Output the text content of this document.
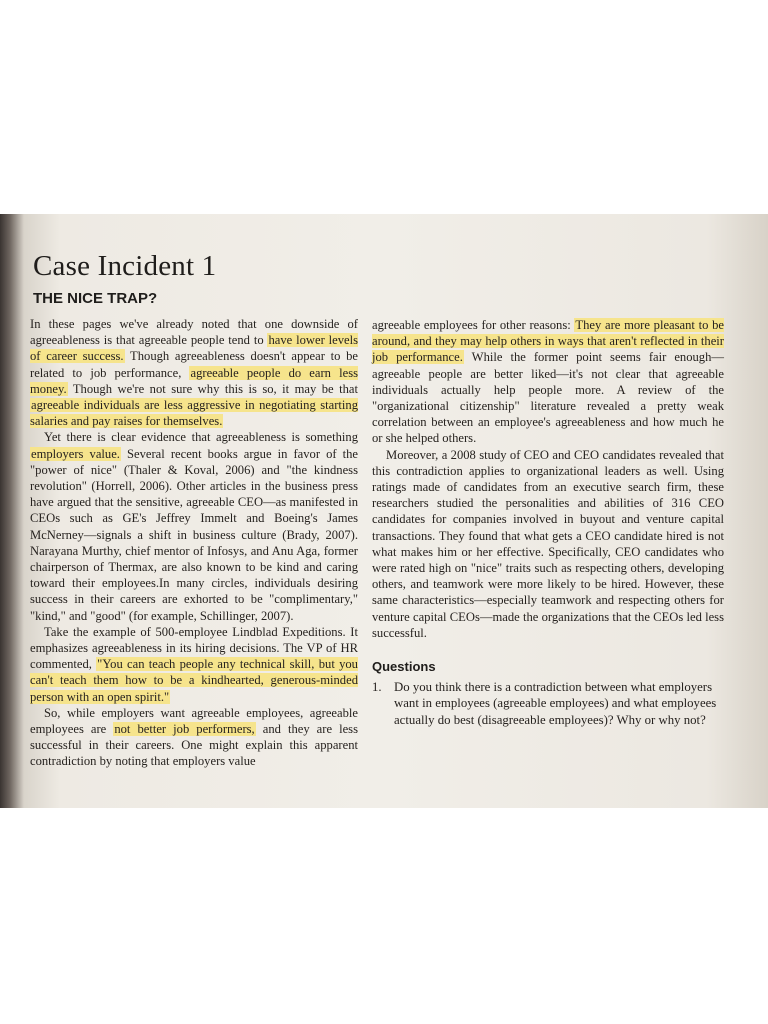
Case Incident 1
THE NICE TRAP?

In these pages we've already noted that one downside of agreeableness is that agreeable people tend to have lower levels of career success. Though agreeableness doesn't appear to be related to job performance, agreeable people do earn less money. Though we're not sure why this is so, it may be that agreeable individuals are less aggressive in negotiating starting salaries and pay raises for themselves.

Yet there is clear evidence that agreeableness is something employers value. Several recent books argue in favor of the "power of nice" (Thaler & Koval, 2006) and "the kindness revolution" (Horrell, 2006). Other articles in the business press have argued that the sensitive, agreeable CEO—as manifested in CEOs such as GE's Jeffrey Immelt and Boeing's James McNerney—signals a shift in business culture (Brady, 2007). Narayana Murthy, chief mentor of Infosys, and Anu Aga, former chairperson of Thermax, are also known to be kind and caring toward their employees.In many circles, individuals desiring success in their careers are exhorted to be "complimentary," "kind," and "good" (for example, Schillinger, 2007).

Take the example of 500-employee Lindblad Expeditions. It emphasizes agreeableness in its hiring decisions. The VP of HR commented, "You can teach people any technical skill, but you can't teach them how to be a kindhearted, generous-minded person with an open spirit."

So, while employers want agreeable employees, agreeable employees are not better job performers, and they are less successful in their careers. One might explain this apparent contradiction by noting that employers value

agreeable employees for other reasons: They are more pleasant to be around, and they may help others in ways that aren't reflected in their job performance. While the former point seems fair enough—agreeable people are better liked—it's not clear that agreeable individuals actually help people more. A review of the "organizational citizenship" literature revealed a pretty weak correlation between an employee's agreeableness and how much he or she helped others.

Moreover, a 2008 study of CEO and CEO candidates revealed that this contradiction applies to organizational leaders as well. Using ratings made of candidates from an executive search firm, these researchers studied the personalities and abilities of 316 CEO candidates for companies involved in buyout and venture capital transactions. They found that what gets a CEO candidate hired is not what makes him or her effective. Specifically, CEO candidates who were rated high on "nice" traits such as respecting others, developing others, and teamwork were more likely to be hired. However, these same characteristics—especially teamwork and respecting others for venture capital CEOs—made the organizations that the CEOs led less successful.

Questions
1. Do you think there is a contradiction between what employers want in employees (agreeable employees) and what employees actually do best (disagreeable employees)? Why or why not?
